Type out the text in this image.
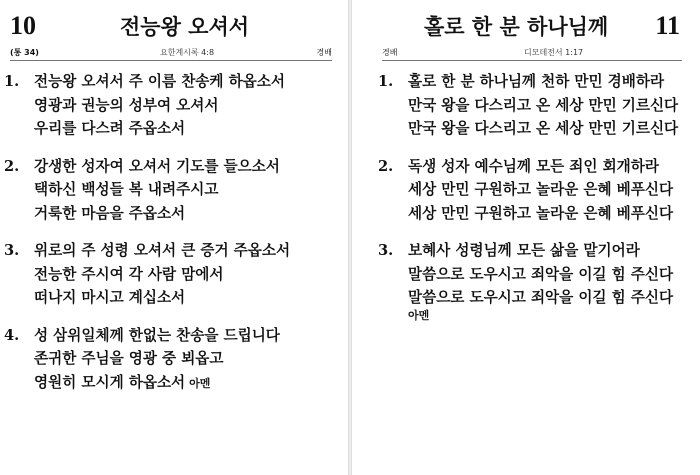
10	전능왕 오셔서
(통 34)	요한계시록 4:8	경배
1. 전능왕 오셔서 주 이름 찬송케 하옵소서
영광과 권능의 성부여 오셔서
우리를 다스려 주옵소서
2. 강생한 성자여 오셔서 기도를 들으소서
택하신 백성들 복 내려주시고
거룩한 마음을 주옵소서
3. 위로의 주 성령 오셔서 큰 증거 주옵소서
전능한 주시여 각 사람 맘에서
떠나지 마시고 계십소서
4. 성 삼위일체께 한없는 찬송을 드립니다
존귀한 주님을 영광 중 뵈옵고
영원히 모시게 하옵소서 아멘
홀로 한 분 하나님께 11
경배	디모데전서 1:17
1. 홀로 한 분 하나님께 천하 만민 경배하라
만국 왕을 다스리고 온 세상 만민 기르신다
만국 왕을 다스리고 온 세상 만민 기르신다
2. 독생 성자 예수님께 모든 죄인 회개하라
세상 만민 구원하고 놀라운 은혜 베푸신다
세상 만민 구원하고 놀라운 은혜 베푸신다
3. 보혜사 성령님께 모든 삶을 맡기어라
말씀으로 도우시고 죄악을 이길 힘 주신다
말씀으로 도우시고 죄악을 이길 힘 주신다
아멘
